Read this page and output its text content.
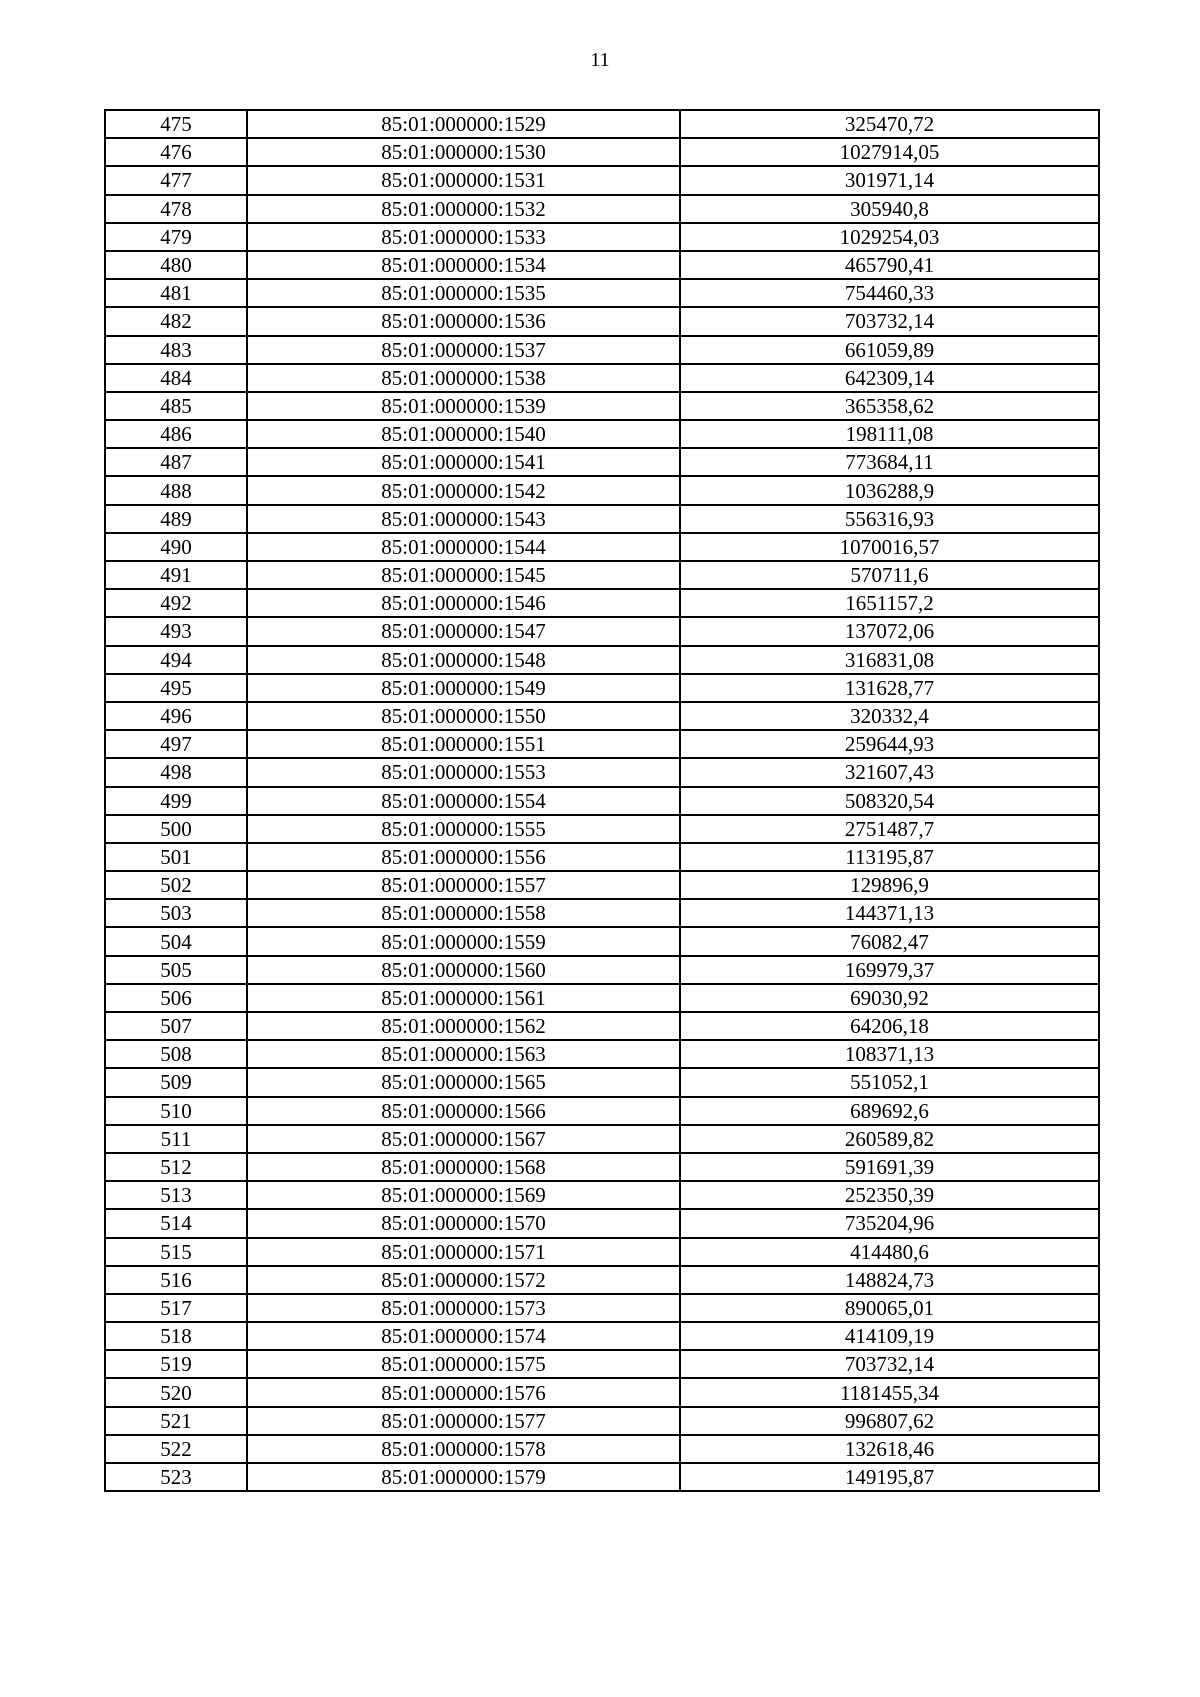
11
475	85:01:000000:1529	325470,72
476	85:01:000000:1530	1027914,05
477	85:01:000000:1531	301971,14
478	85:01:000000:1532	305940,8
479	85:01:000000:1533	1029254,03
480	85:01:000000:1534	465790,41
481	85:01:000000:1535	754460,33
482	85:01:000000:1536	703732,14
483	85:01:000000:1537	661059,89
484	85:01:000000:1538	642309,14
485	85:01:000000:1539	365358,62
486	85:01:000000:1540	198111,08
487	85:01:000000:1541	773684,11
488	85:01:000000:1542	1036288,9
489	85:01:000000:1543	556316,93
490	85:01:000000:1544	1070016,57
491	85:01:000000:1545	570711,6
492	85:01:000000:1546	1651157,2
493	85:01:000000:1547	137072,06
494	85:01:000000:1548	316831,08
495	85:01:000000:1549	131628,77
496	85:01:000000:1550	320332,4
497	85:01:000000:1551	259644,93
498	85:01:000000:1553	321607,43
499	85:01:000000:1554	508320,54
500	85:01:000000:1555	2751487,7
501	85:01:000000:1556	113195,87
502	85:01:000000:1557	129896,9
503	85:01:000000:1558	144371,13
504	85:01:000000:1559	76082,47
505	85:01:000000:1560	169979,37
506	85:01:000000:1561	69030,92
507	85:01:000000:1562	64206,18
508	85:01:000000:1563	108371,13
509	85:01:000000:1565	551052,1
510	85:01:000000:1566	689692,6
511	85:01:000000:1567	260589,82
512	85:01:000000:1568	591691,39
513	85:01:000000:1569	252350,39
514	85:01:000000:1570	735204,96
515	85:01:000000:1571	414480,6
516	85:01:000000:1572	148824,73
517	85:01:000000:1573	890065,01
518	85:01:000000:1574	414109,19
519	85:01:000000:1575	703732,14
520	85:01:000000:1576	1181455,34
521	85:01:000000:1577	996807,62
522	85:01:000000:1578	132618,46
523	85:01:000000:1579	149195,87
